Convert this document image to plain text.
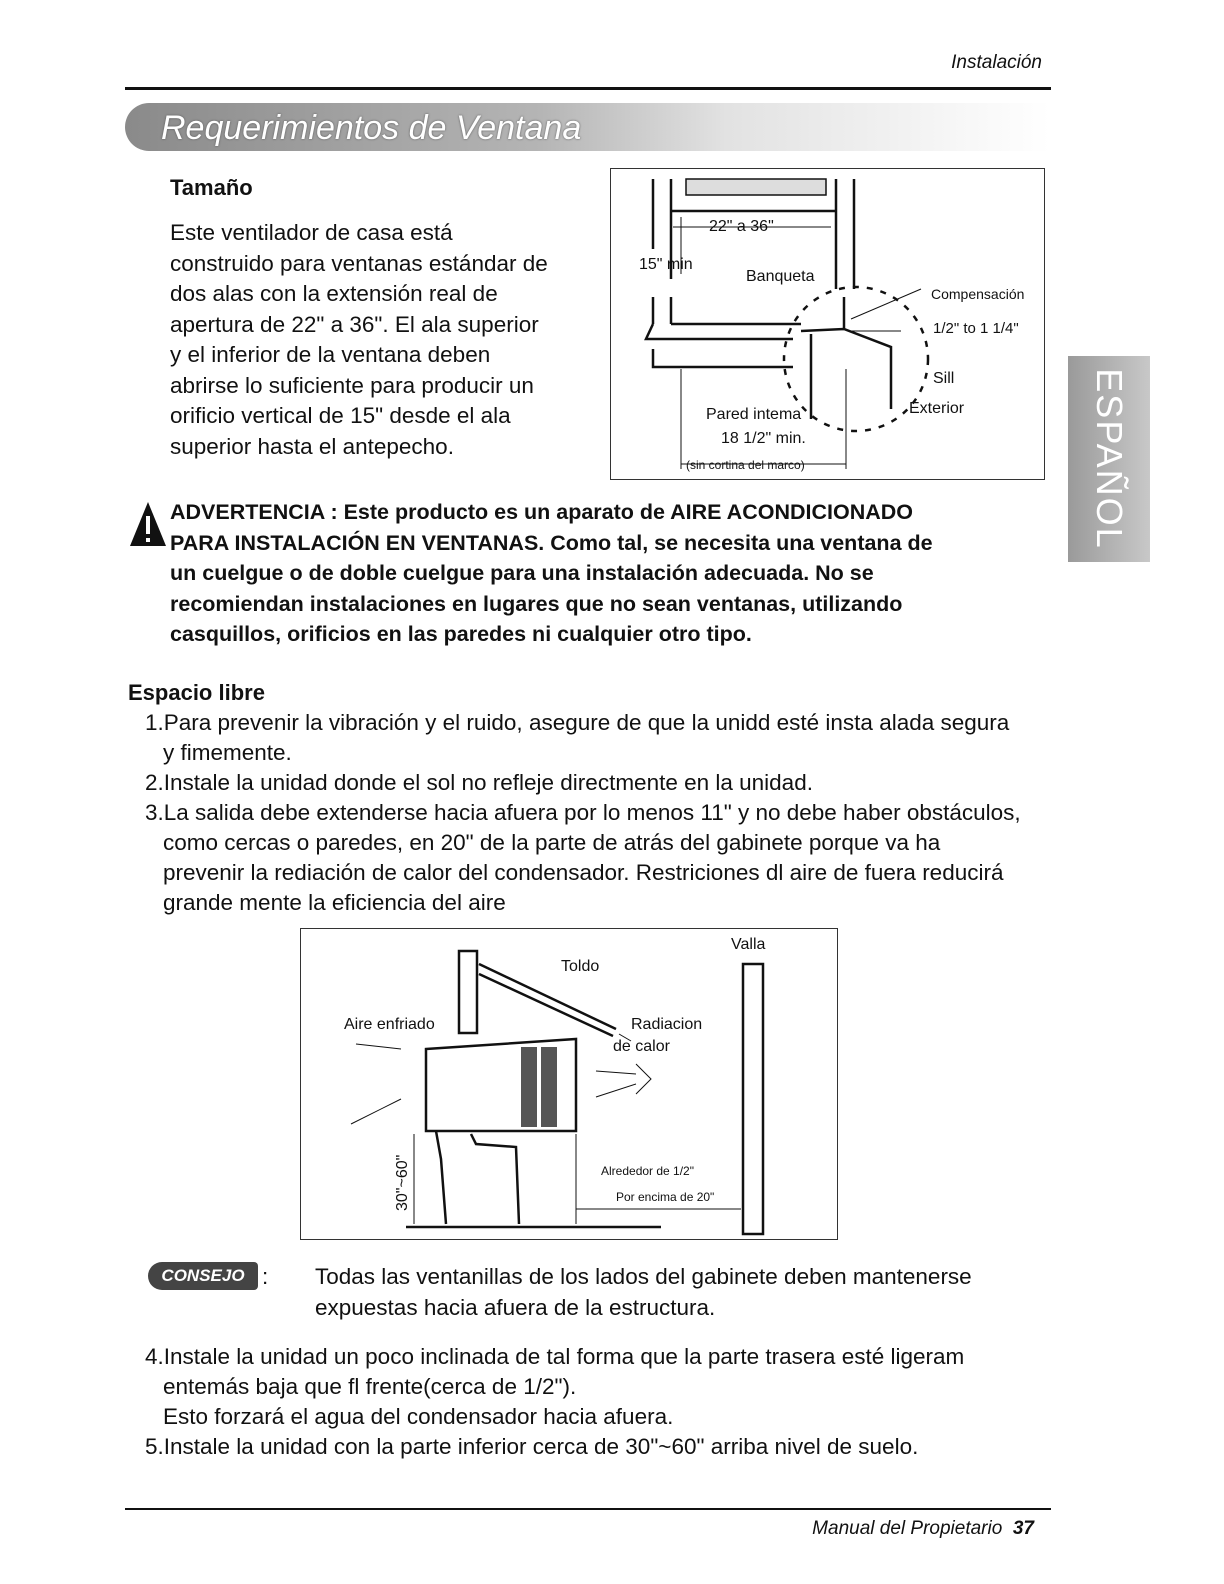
Instalación
Requerimientos de Ventana
Tamaño
Este ventilador de casa está
construido para ventanas estándar de
dos alas con la extensión real de
apertura de 22" a 36". El ala superior
y el inferior de la ventana deben
abrirse lo suficiente para producir un
orificio vertical de 15" desde el ala
superior hasta el antepecho.
22" a 36"
15" min
Banqueta
Compensación
1/2" to 1 1/4"
Sill
Exterior
Pared intema
18 1/2" min.
(sin cortina del marco)	ESPAÑOL
ADVERTENCIA : Este producto es un aparato de AIRE ACONDICIONADO
PARA INSTALACIÓN EN VENTANAS. Como tal, se necesita una ventana de
un cuelgue o de doble cuelgue para una instalación adecuada. No se
recomiendan instalaciones en lugares que no sean ventanas, utilizando
casquillos, orificios en las paredes ni cualquier otro tipo.
Espacio libre
1.Para prevenir la vibración y el ruido, asegure de que la unidd esté insta alada segura y fimemente.
2.Instale la unidad donde el sol no refleje directmente en la unidad.
3.La salida debe extenderse hacia afuera por lo menos 11" y no debe haber obstáculos, como cercas o paredes, en 20" de la parte de atrás del gabinete porque va ha prevenir la rediación de calor del condensador. Restriciones dl aire de fuera reducirá grande mente la eficiencia del aire
Valla
Toldo
Aire enfriado	Radiacion
de calor
30"~60"	Alrededor de 1/2"
Por encima de 20"
CONSEJO : Todas las ventanillas de los lados del gabinete deben mantenerse
expuestas hacia afuera de la estructura.
4.Instale la unidad un poco inclinada de tal forma que la parte trasera esté ligeram entemás baja que fl frente(cerca de 1/2").
Esto forzará el agua del condensador hacia afuera.
5.Instale la unidad con la parte inferior cerca de 30"~60" arriba nivel de suelo.
Manual del Propietario 37
